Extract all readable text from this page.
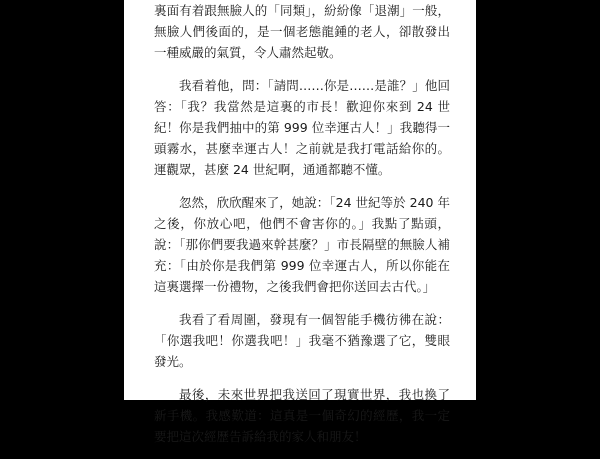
裏面有着跟無臉人的「同類」，紛紛像「退潮」一般，無臉人們後面的，是一個老態龍鍾的老人，卻散發出一種威嚴的氣質，令人肅然起敬。

我看着他，問：「請問……你是……是誰？」他回答：「我？我當然是這裏的市長！歡迎你來到 24 世紀！你是我們抽中的第 999 位幸運古人！」我聽得一頭霧水，甚麼幸運古人！之前就是我打電話給你的。運觀眾，甚麼 24 世紀啊，通通都聽不懂。

忽然，欣欣醒來了，她說：「24 世紀等於 240 年之後，你放心吧，他們不會害你的。」我點了點頭，說：「那你們要我過來幹甚麼？」市長隔壁的無臉人補充：「由於你是我們第 999 位幸運古人，所以你能在這裏選擇一份禮物，之後我們會把你送回去古代。」

我看了看周圍，發現有一個智能手機彷彿在說：「你選我吧！你選我吧！」我毫不猶豫選了它，雙眼發光。

最後，未來世界把我送回了現實世界，我也換了新手機。我感歎道：這真是一個奇幻的經歷，我一定要把這次經歷告訴給我的家人和朋友！
